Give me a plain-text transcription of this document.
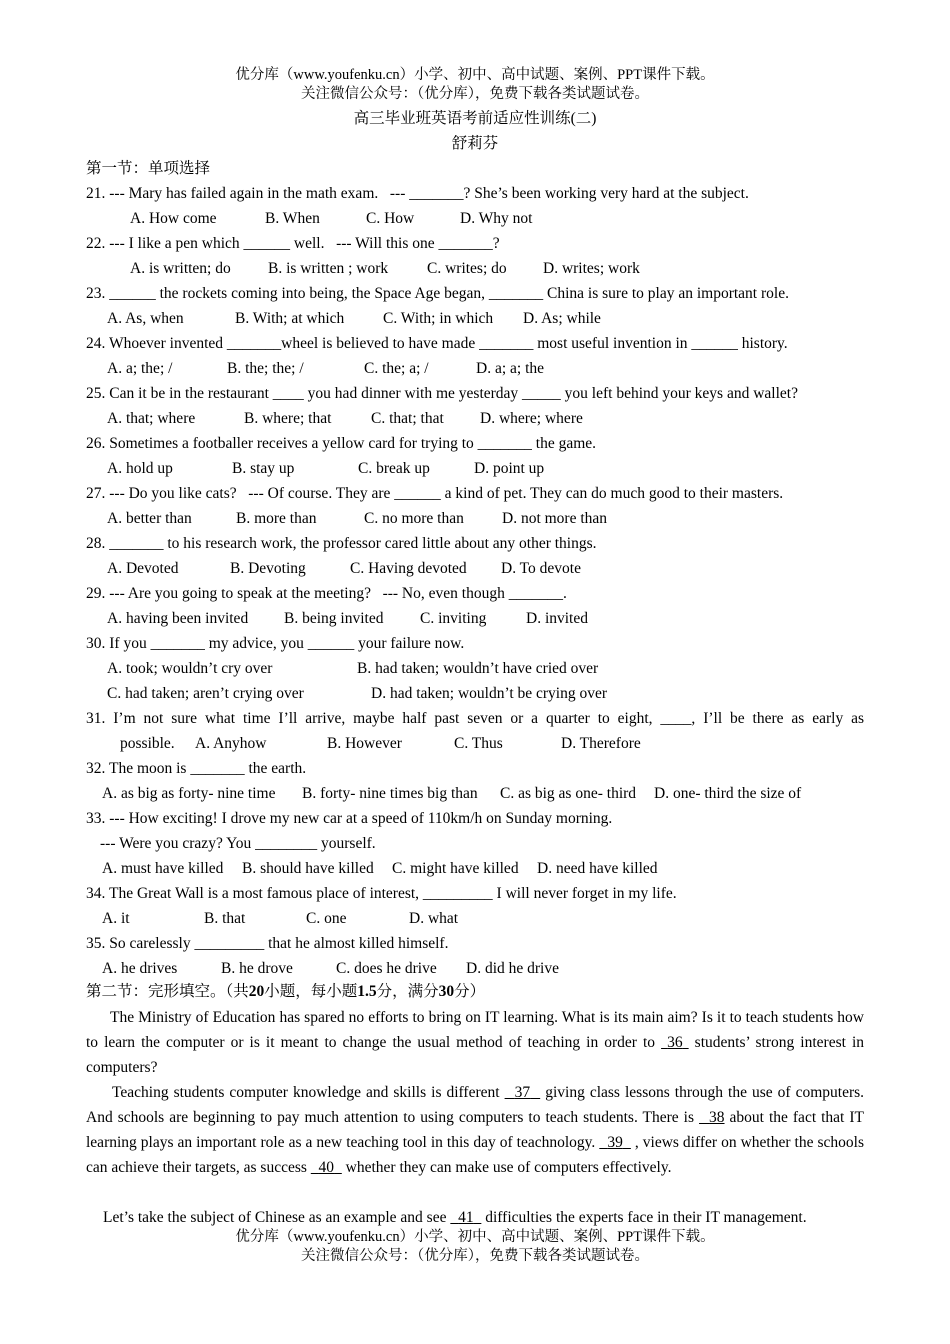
优分库（www.youfenku.cn）小学、初中、高中试题、案例、PPT课件下载。
关注微信公众号：（优分库），免费下载各类试题试卷。
高三毕业班英语考前适应性训练(二)
舒莉芬
第一节：单项选择
21. --- Mary has failed again in the math exam.   --- _______? She’s been working very hard at the subject.
A. How come	B. When	C. How	D. Why not
22. --- I like a pen which ______ well.   --- Will this one _______?
A. is written; do B. is written ; work	C. writes; do D. writes; work
23. ______ the rockets coming into being, the Space Age began, _______ China is sure to play an important role.
A. As, when	B. With; at which C. With; in which D. As; while
24. Whoever invented _______wheel is believed to have made _______ most useful invention in ______ history.
A. a; the; /	B. the; the; /	C. the; a; /	D. a; a; the
25. Can it be in the restaurant ____ you had dinner with me yesterday _____ you left behind your keys and wallet?
A. that; where	B. where; that	C. that; that D. where; where
26. Sometimes a footballer receives a yellow card for trying to _______ the game.
A. hold up	B. stay up	C. break up	D. point up
27. --- Do you like cats?   --- Of course. They are ______ a kind of pet. They can do much good to their masters.
A. better than	B. more than	C. no more than D. not more than
28. _______ to his research work, the professor cared little about any other things.
A. Devoted	B. Devoting	C. Having devoted D. To devote
29. --- Are you going to speak at the meeting?   --- No, even though _______.
A. having been invited B. being invited C. inviting	D. invited
30. If you _______ my advice, you ______ your failure now.
A. took; wouldn’t cry over	B. had taken; wouldn’t have cried over
C. had taken; aren’t crying over	D. had taken; wouldn’t be crying over
31. I’m not sure what time I’ll arrive, maybe half past seven or a quarter to eight, ____, I’ll be there as early as
possible. A. Anyhow	B. However	C. Thus	D. Therefore
32. The moon is _______ the earth.
A. as big as forty- nine time B. forty- nine times big than C. as big as one- third D. one- third the size of
33. --- How exciting! I drove my new car at a speed of 110km/h on Sunday morning.
--- Were you crazy? You ________ yourself.
A. must have killed B. should have killed C. might have killed D. need have killed
34. The Great Wall is a most famous place of interest, _________ I will never forget in my life.
A. it	B. that	C. one	D. what
35. So carelessly _________ that he almost killed himself.
A. he drives	B. he drove	C. does he drive D. did he drive
第二节：完形填空。（共20小题，每小题1.5分，满分30分）
The Ministry of Education has spared no efforts to bring on IT learning. What is its main aim? Is it to teach students how to learn the computer or is it meant to change the usual method of teaching in order to  36  students’ strong interest in computers?
Teaching students computer knowledge and skills is different   37   giving class lessons through the use of computers. And schools are beginning to pay much attention to using computers to teach students. There is   38 about the fact that IT learning plays an important role as a new teaching tool in this day of teachnology.   39   , views differ on whether the schools can achieve their targets, as success   40   whether they can make use of computers effectively.
Let’s take the subject of Chinese as an example and see   41   difficulties the experts face in their IT management.
优分库（www.youfenku.cn）小学、初中、高中试题、案例、PPT课件下载。
关注微信公众号：（优分库），免费下载各类试题试卷。
